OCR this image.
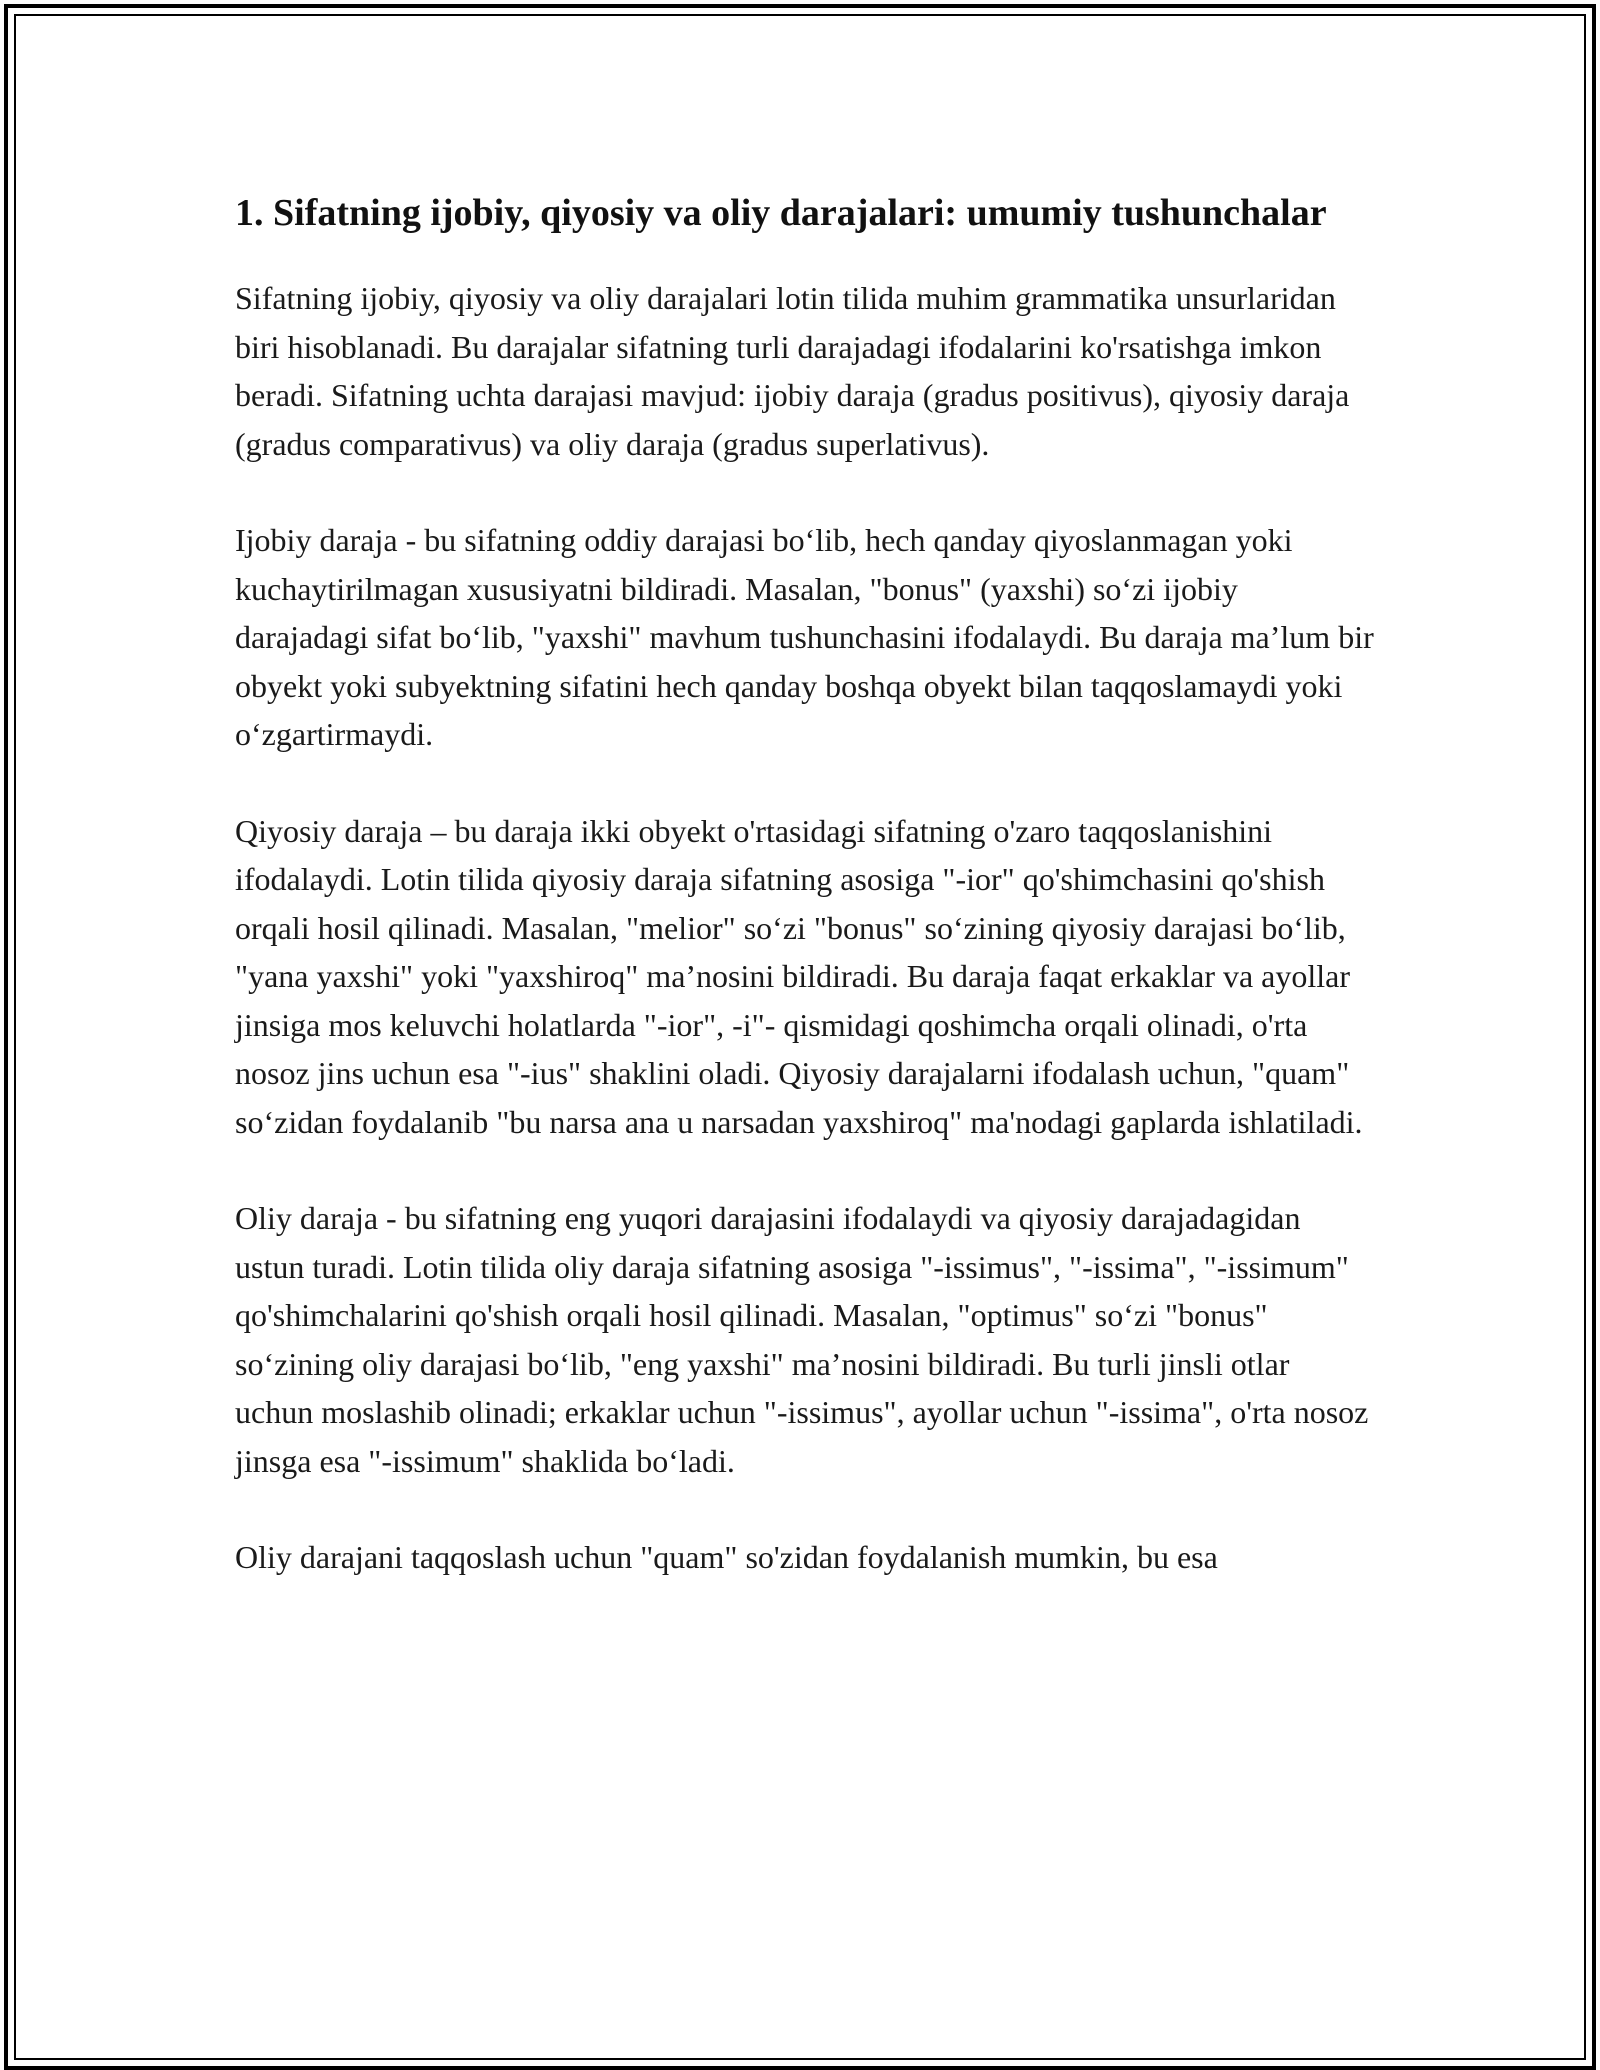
1. Sifatning ijobiy, qiyosiy va oliy darajalari: umumiy tushunchalar

Sifatning ijobiy, qiyosiy va oliy darajalari lotin tilida muhim grammatika unsurlaridan biri hisoblanadi. Bu darajalar sifatning turli darajadagi ifodalarini ko'rsatishga imkon beradi. Sifatning uchta darajasi mavjud: ijobiy daraja (gradus positivus), qiyosiy daraja (gradus comparativus) va oliy daraja (gradus superlativus).

Ijobiy daraja - bu sifatning oddiy darajasi bo‘lib, hech qanday qiyoslanmagan yoki kuchaytirilmagan xususiyatni bildiradi. Masalan, "bonus" (yaxshi) so‘zi ijobiy darajadagi sifat bo‘lib, "yaxshi" mavhum tushunchasini ifodalaydi. Bu daraja ma’lum bir obyekt yoki subyektning sifatini hech qanday boshqa obyekt bilan taqqoslamaydi yoki o‘zgartirmaydi.

Qiyosiy daraja – bu daraja ikki obyekt o'rtasidagi sifatning o'zaro taqqoslanishini ifodalaydi. Lotin tilida qiyosiy daraja sifatning asosiga "-ior" qo'shimchasini qo'shish orqali hosil qilinadi. Masalan, "melior" so‘zi "bonus" so‘zining qiyosiy darajasi bo‘lib, "yana yaxshi" yoki "yaxshiroq" ma’nosini bildiradi. Bu daraja faqat erkaklar va ayollar jinsiga mos keluvchi holatlarda "-ior", -i"- qismidagi qoshimcha orqali olinadi, o'rta nosoz jins uchun esa "-ius" shaklini oladi. Qiyosiy darajalarni ifodalash uchun, "quam" so‘zidan foydalanib "bu narsa ana u narsadan yaxshiroq" ma'nodagi gaplarda ishlatiladi.

Oliy daraja - bu sifatning eng yuqori darajasini ifodalaydi va qiyosiy darajadagidan ustun turadi. Lotin tilida oliy daraja sifatning asosiga "-issimus", "-issima", "-issimum" qo'shimchalarini qo'shish orqali hosil qilinadi. Masalan, "optimus" so‘zi "bonus" so‘zining oliy darajasi bo‘lib, "eng yaxshi" ma’nosini bildiradi. Bu turli jinsli otlar uchun moslashib olinadi; erkaklar uchun "-issimus", ayollar uchun "-issima", o'rta nosoz jinsga esa "-issimum" shaklida bo‘ladi.

Oliy darajani taqqoslash uchun "quam" so'zidan foydalanish mumkin, bu esa
